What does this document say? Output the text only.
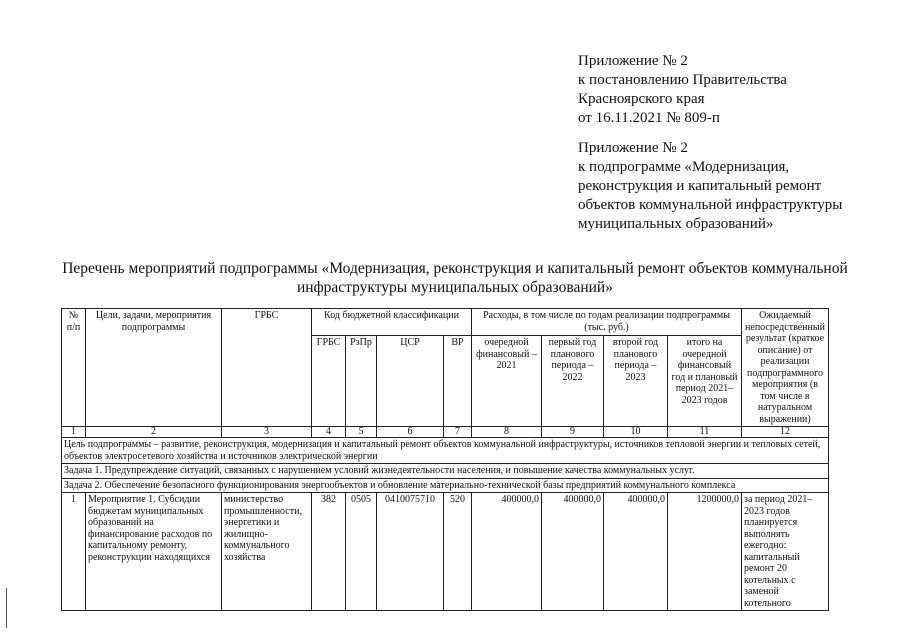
Приложение № 2
к постановлению Правительства
Красноярского края
от 16.11.2021 № 809-п
Приложение № 2
к подпрограмме «Модернизация,
реконструкция и капитальный ремонт
объектов коммунальной инфраструктуры
муниципальных образований»
Перечень мероприятий подпрограммы «Модернизация, реконструкция и капитальный ремонт объектов коммунальной
инфраструктуры муниципальных образований»
№ п/п	Цели, задачи, мероприятия подпрограммы	ГРБС	Код бюджетной классификации				Расходы, в том числе по годам реализации подпрограммы (тыс. руб.)				Ожидаемый непосредственный результат (краткое описание) от реализации подпрограммного мероприятия (в том числе в натуральном выражении)
			ГРБС	РзПр	ЦСР	ВР	очередной финансовый – 2021	первый год планового периода – 2022	второй год планового периода – 2023	итого на очередной финансовый год и плановый период 2021–2023 годов	
1	2	3	4	5	6	7	8	9	10	11	12
Цель подпрограммы – развитие, реконструкция, модернизация и капитальный ремонт объектов коммунальной инфраструктуры, источников тепловой энергии и тепловых сетей, объектов электросетевого хозяйства и источников электрической энергии											
Задача 1. Предупреждение ситуаций, связанных с нарушением условий жизнедеятельности населения, и повышение качества коммунальных услуг.											
Задача 2. Обеспечение безопасного функционирования энергообъектов и обновление материально-технической базы предприятий коммунального комплекса											
1	Мероприятие 1. Субсидии бюджетам муниципальных образований на финансирование расходов по капитальному ремонту, реконструкции находящихся	министерство промышленности, энергетики и жилищно-коммунального хозяйства	382	0505	0410075710	520	400000,0	400000,0	400000,0	1200000,0	за период 2021–2023 годов планируется выполнять ежегодно: капитальный ремонт 20 котельных с заменой котельного
